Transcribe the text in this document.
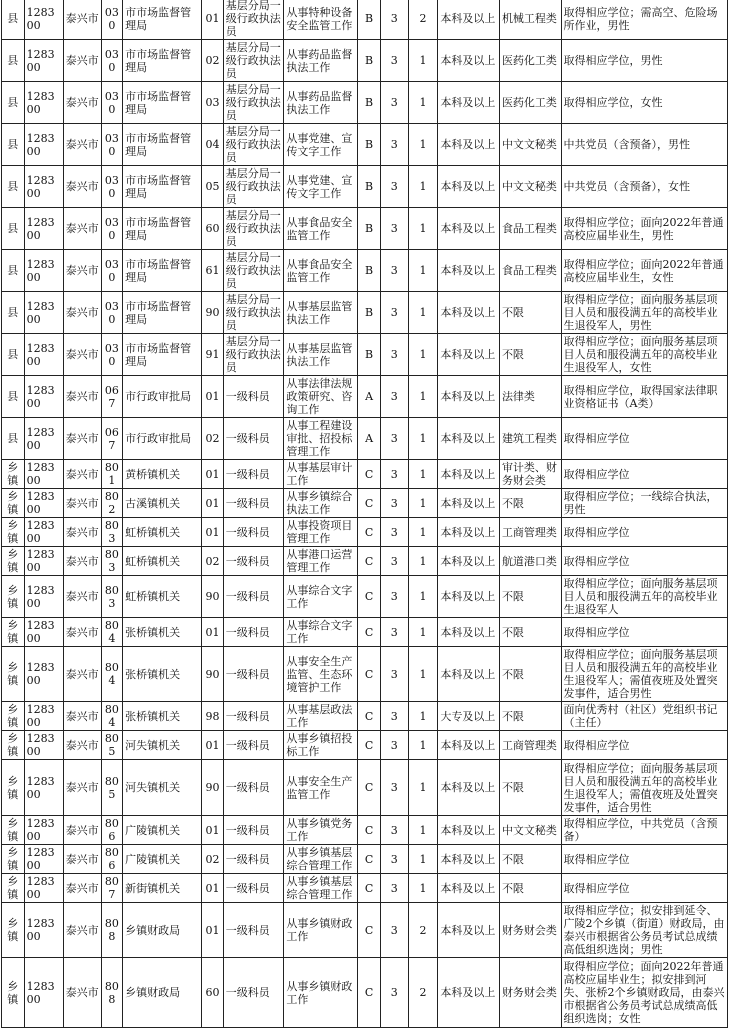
县	128300	泰兴市	030	市市场监督管理局	01	基层分局一级行政执法员	从事特种设备安全监管工作	B	3	2	本科及以上	机械工程类	取得相应学位；需高空、危险场所作业，男性
县	128300	泰兴市	030	市市场监督管理局	02	基层分局一级行政执法员	从事药品监督执法工作	B	3	1	本科及以上	医药化工类	取得相应学位，男性
县	128300	泰兴市	030	市市场监督管理局	03	基层分局一级行政执法员	从事药品监督执法工作	B	3	1	本科及以上	医药化工类	取得相应学位，女性
县	128300	泰兴市	030	市市场监督管理局	04	基层分局一级行政执法员	从事党建、宣传文字工作	B	3	1	本科及以上	中文文秘类	中共党员（含预备），男性
县	128300	泰兴市	030	市市场监督管理局	05	基层分局一级行政执法员	从事党建、宣传文字工作	B	3	1	本科及以上	中文文秘类	中共党员（含预备），女性
县	128300	泰兴市	030	市市场监督管理局	60	基层分局一级行政执法员	从事食品安全监管工作	B	3	1	本科及以上	食品工程类	取得相应学位；面向2022年普通高校应届毕业生，男性
县	128300	泰兴市	030	市市场监督管理局	61	基层分局一级行政执法员	从事食品安全监管工作	B	3	1	本科及以上	食品工程类	取得相应学位；面向2022年普通高校应届毕业生，女性
县	128300	泰兴市	030	市市场监督管理局	90	基层分局一级行政执法员	从事基层监管执法工作	B	3	1	本科及以上	不限	取得相应学位；面向服务基层项目人员和服役满五年的高校毕业生退役军人，男性
县	128300	泰兴市	030	市市场监督管理局	91	基层分局一级行政执法员	从事基层监管执法工作	B	3	1	本科及以上	不限	取得相应学位；面向服务基层项目人员和服役满五年的高校毕业生退役军人，女性
县	128300	泰兴市	067	市行政审批局	01	一级科员	从事法律法规政策研究、咨询工作	A	3	1	本科及以上	法律类	取得相应学位，取得国家法律职业资格证书（A类）
县	128300	泰兴市	067	市行政审批局	02	一级科员	从事工程建设审批、招投标管理工作	A	3	1	本科及以上	建筑工程类	取得相应学位
乡镇	128300	泰兴市	801	黄桥镇机关	01	一级科员	从事基层审计工作	C	3	1	本科及以上	审计类、财务财会类	取得相应学位
乡镇	128300	泰兴市	802	古溪镇机关	01	一级科员	从事乡镇综合执法工作	C	3	1	本科及以上	不限	取得相应学位；一线综合执法，男性
乡镇	128300	泰兴市	803	虹桥镇机关	01	一级科员	从事投资项目管理工作	C	3	1	本科及以上	工商管理类	取得相应学位
乡镇	128300	泰兴市	803	虹桥镇机关	02	一级科员	从事港口运营管理工作	C	3	1	本科及以上	航道港口类	取得相应学位
乡镇	128300	泰兴市	803	虹桥镇机关	90	一级科员	从事综合文字工作	C	3	1	本科及以上	不限	取得相应学位；面向服务基层项目人员和服役满五年的高校毕业生退役军人
乡镇	128300	泰兴市	804	张桥镇机关	01	一级科员	从事综合文字工作	C	3	1	本科及以上	不限	取得相应学位
乡镇	128300	泰兴市	804	张桥镇机关	90	一级科员	从事安全生产监管、生态环境管护工作	C	3	1	本科及以上	不限	取得相应学位；面向服务基层项目人员和服役满五年的高校毕业生退役军人；需值夜班及处置突发事件，适合男性
乡镇	128300	泰兴市	804	张桥镇机关	98	一级科员	从事基层政法工作	C	3	1	大专及以上	不限	面向优秀村（社区）党组织书记（主任）
乡镇	128300	泰兴市	805	河失镇机关	01	一级科员	从事乡镇招投标工作	C	3	1	本科及以上	工商管理类	取得相应学位
乡镇	128300	泰兴市	805	河失镇机关	90	一级科员	从事安全生产监管工作	C	3	1	本科及以上	不限	取得相应学位；面向服务基层项目人员和服役满五年的高校毕业生退役军人；需值夜班及处置突发事件，适合男性
乡镇	128300	泰兴市	806	广陵镇机关	01	一级科员	从事乡镇党务工作	C	3	1	本科及以上	中文文秘类	取得相应学位，中共党员（含预备）
乡镇	128300	泰兴市	806	广陵镇机关	02	一级科员	从事乡镇基层综合管理工作	C	3	1	本科及以上	不限	取得相应学位
乡镇	128300	泰兴市	807	新街镇机关	01	一级科员	从事乡镇基层综合管理工作	C	3	1	本科及以上	不限	取得相应学位
乡镇	128300	泰兴市	808	乡镇财政局	01	一级科员	从事乡镇财政工作	C	3	2	本科及以上	财务财会类	取得相应学位；拟安排到延令、广陵2个乡镇（街道）财政局，由泰兴市根据省公务员考试总成绩高低组织选岗；男性
乡镇	128300	泰兴市	808	乡镇财政局	60	一级科员	从事乡镇财政工作	C	3	2	本科及以上	财务财会类	取得相应学位；面向2022年普通高校应届毕业生；拟安排到河失、张桥2个乡镇财政局，由泰兴市根据省公务员考试总成绩高低组织选岗；女性
